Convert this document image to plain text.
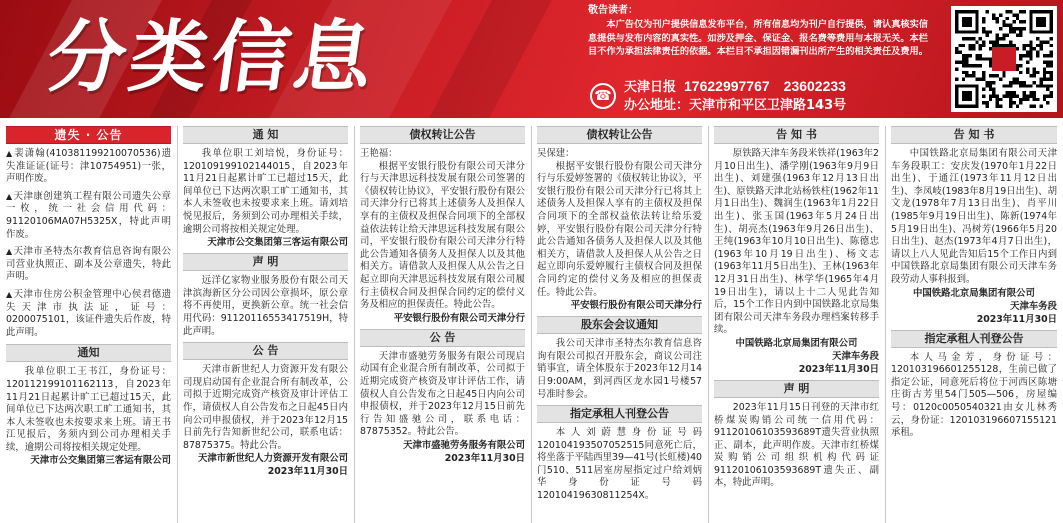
分类信息
敬告读者：
本广告仅为刊户提供信息发布平台，所有信息均为刊户自行提供，请认真核实信息提供与发布内容的真实性。如涉及押金、保证金、报名费等费用与本报无关。本栏目不作为承担法律责任的依据。本栏目不承担因错漏刊出所产生的相关责任及费用。
☎
天津日报 17622997767　23602233
办公地址：天津市和平区卫津路143号
遗失 · 公告
▲裴潇翰(410381199210070536)遗失准证证(证号：津10754951)一张，声明作废。
▲天津康创建筑工程有限公司遗失公章一枚，统一社会信用代码：91120106MA07H5325X，特此声明作废。
▲天津市圣特杰尔教育信息咨询有限公司营业执照正、副本及公章遗失，特此声明。
▲天津市住房公积金管理中心侯君德遗失天津市执法证，证号：0200075101，该证件遗失后作废，特此声明。
通知
我单位职工王书江，身份证号：120112199101162113，自2023年11月21日起累计旷工已超过15天，此间单位已下达两次职工旷工通知书，其本人未签收也未按要求来上班。请王书江见报后，务须内到公司办理相关手续，逾期公司将按相关规定处理。
天津市公交集团第三客运有限公司
通 知
我单位职工刘培悦，身份证号：120109199102144015，自2023年11月21日起累计旷工已超过15天，此间单位已下达两次职工旷工通知书，其本人未签收也未按要求来上班。请刘培悦见报后，务须到公司办理相关手续，逾期公司将按相关规定处理。
天津市公交集团第三客运有限公司
声 明
远洋亿家物业服务股份有限公司天津滨海新区分公司因公章损坏，原公章将不再使用，更换新公章。统一社会信用代码：91120116553417519H，特此声明。
公 告
天津市新世纪人力资源开发有限公司现启动国有企业混合所有制改革，公司拟于近期完成资产核资及审计评估工作，请债权人自公告发布之日起45日内向公司申报债权，并于2023年12月15日前先行告知新世纪公司，联系电话：87875375。特此公告。
天津市新世纪人力资源开发有限公司
2023年11月30日
债权转让公告
王艳福：
根据平安银行股份有限公司天津分行与天津思远科技发展有限公司签署的《债权转让协议》，平安银行股份有限公司天津分行已将其上述债务人及担保人享有的主债权及担保合同项下的全部权益依法转让给天津思远科技发展有限公司，平安银行股份有限公司天津分行特此公告通知各债务人及担保人以及其他相关方。请借款人及担保人从公告之日起立即向天津思远科技发展有限公司履行主债权合同及担保合同约定的偿付义务及相应的担保责任。特此公告。
平安银行股份有限公司天津分行
公 告
天津市盛驰劳务服务有限公司现启动国有企业混合所有制改革，公司拟于近期完成资产核资及审计评估工作，请债权人自公告发布之日起45日内向公司申报债权，并于2023年12月15日前先行告知盛驰公司，联系电话：87875352。特此公告。
天津市盛驰劳务服务有限公司
2023年11月30日
债权转让公告
吴保建：
根据平安银行股份有限公司天津分行与乐爱婷签署的《债权转让协议》，平安银行股份有限公司天津分行已将其上述债务人及担保人享有的主债权及担保合同项下的全部权益依法转让给乐爱婷，平安银行股份有限公司天津分行特此公告通知各债务人及担保人以及其他相关方，请借款人及担保人从公告之日起立即向乐爱婷履行主债权合同及担保合同约定的偿付义务及相应的担保责任。特此公告。
平安银行股份有限公司天津分行
股东会会议通知
我公司天津市圣特杰尔教育信息咨询有限公司拟召开股东会，商议公司注销事宜，请全体股东于2023年12月14日9:00AM，到河西区龙水园1号楼57号准时参会。
指定承租人刊登公告
本人刘蔚慧身份证号码120104193507052515同意死亡后，将坐落于平陆西里39—41号(长虹楼)40门510、511居室房屋指定过户给刘炳华身份证号码12010419630811254X。
告 知 书
原铁路天津车务段米铁祥(1963年2月10日出生)、潘学刚(1963年9月9日出生)、刘建强(1963年12月13日出生)、原铁路天津北站杨铁柱(1962年11月1日出生)、魏润生(1963年1月22日出生)、张玉国(1963年5月24日出生)、胡亮杰(1963年9月26日出生)、王纯(1963年10月10日出生)、陈德忠(1963年10月19日出生)、杨文志(1963年11月5日出生)、王林(1963年12月31日出生)、林学华(1965年4月19日出生)，请以上十二人见此告知后，15个工作日内到中国铁路北京局集团有限公司天津车务段办理档案转移手续。
中国铁路北京局集团有限公司
天津车务段
2023年11月30日
声 明
2023年11月15日刊登的天津市红桥煤炭购销公司统一信用代码：91120106103593689T遗失营业执照正、副本，此声明作废。天津市红桥煤炭购销公司组织机构代码证91120106103593689T遗失正、副本，特此声明。
告 知 书
中国铁路北京局集团有限公司天津车务段职工：安庆发(1970年1月22日出生)、于通江(1973年11月12日出生)、李凤岐(1983年8月19日出生)、胡文龙(1978年7月13日出生)、肖平川(1985年9月19日出生)、陈新(1974年5月19日出生)、冯树芳(1966年5月20日出生)、赵杰(1973年4月7日出生)，请以上八人见此告知后15个工作日内到中国铁路北京局集团有限公司天津车务段劳动人事科报到。
中国铁路北京局集团有限公司
天津车务段
2023年11月30日
指定承租人刊登公告
本人马金芳，身份证号：120103196601255128，生前已做了指定公证，同意死后将位于河西区陈塘庄街古芳里54门505—506，房屋编号：0120c0050540321由女儿林秀云，身份证：120103196607155121承租。
